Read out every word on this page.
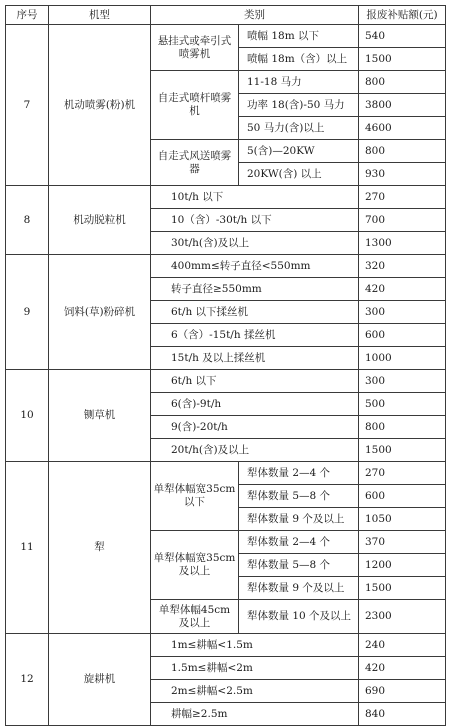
序号	机型	类别		报废补贴额(元)
7	机动喷雾(粉)机	悬挂式或牵引式喷雾机	喷幅 18m 以下	540
			喷幅 18m（含）以上	1500
		自走式喷杆喷雾机	11-18 马力	800
			功率 18(含)-50 马力	3800
			50 马力(含)以上	4600
		自走式风送喷雾器	5(含)—20KW	800
			20KW(含) 以上	930
8	机动脱粒机	10t/h 以下		270
		10（含）-30t/h 以下		700
		30t/h(含)及以上		1300
9	饲料(草)粉碎机	400mm≤转子直径<550mm		320
		转子直径≥550mm		420
		6t/h 以下揉丝机		300
		6（含）-15t/h 揉丝机		600
		15t/h 及以上揉丝机		1000
10	铡草机	6t/h 以下		300
		6(含)-9t/h		500
		9(含)-20t/h		800
		20t/h(含)及以上		1500
11	犁	单犁体幅宽35cm 以下	犁体数量 2—4 个	270
			犁体数量 5—8 个	600
			犁体数量 9 个及以上	1050
		单犁体幅宽35cm 及以上	犁体数量 2—4 个	370
			犁体数量 5—8 个	1200
			犁体数量 9 个及以上	1500
		单犁体幅45cm 及以上	犁体数量 10 个及以上	2300
12	旋耕机	1m≤耕幅<1.5m		240
		1.5m≤耕幅<2m		420
		2m≤耕幅<2.5m		690
		耕幅≥2.5m		840
